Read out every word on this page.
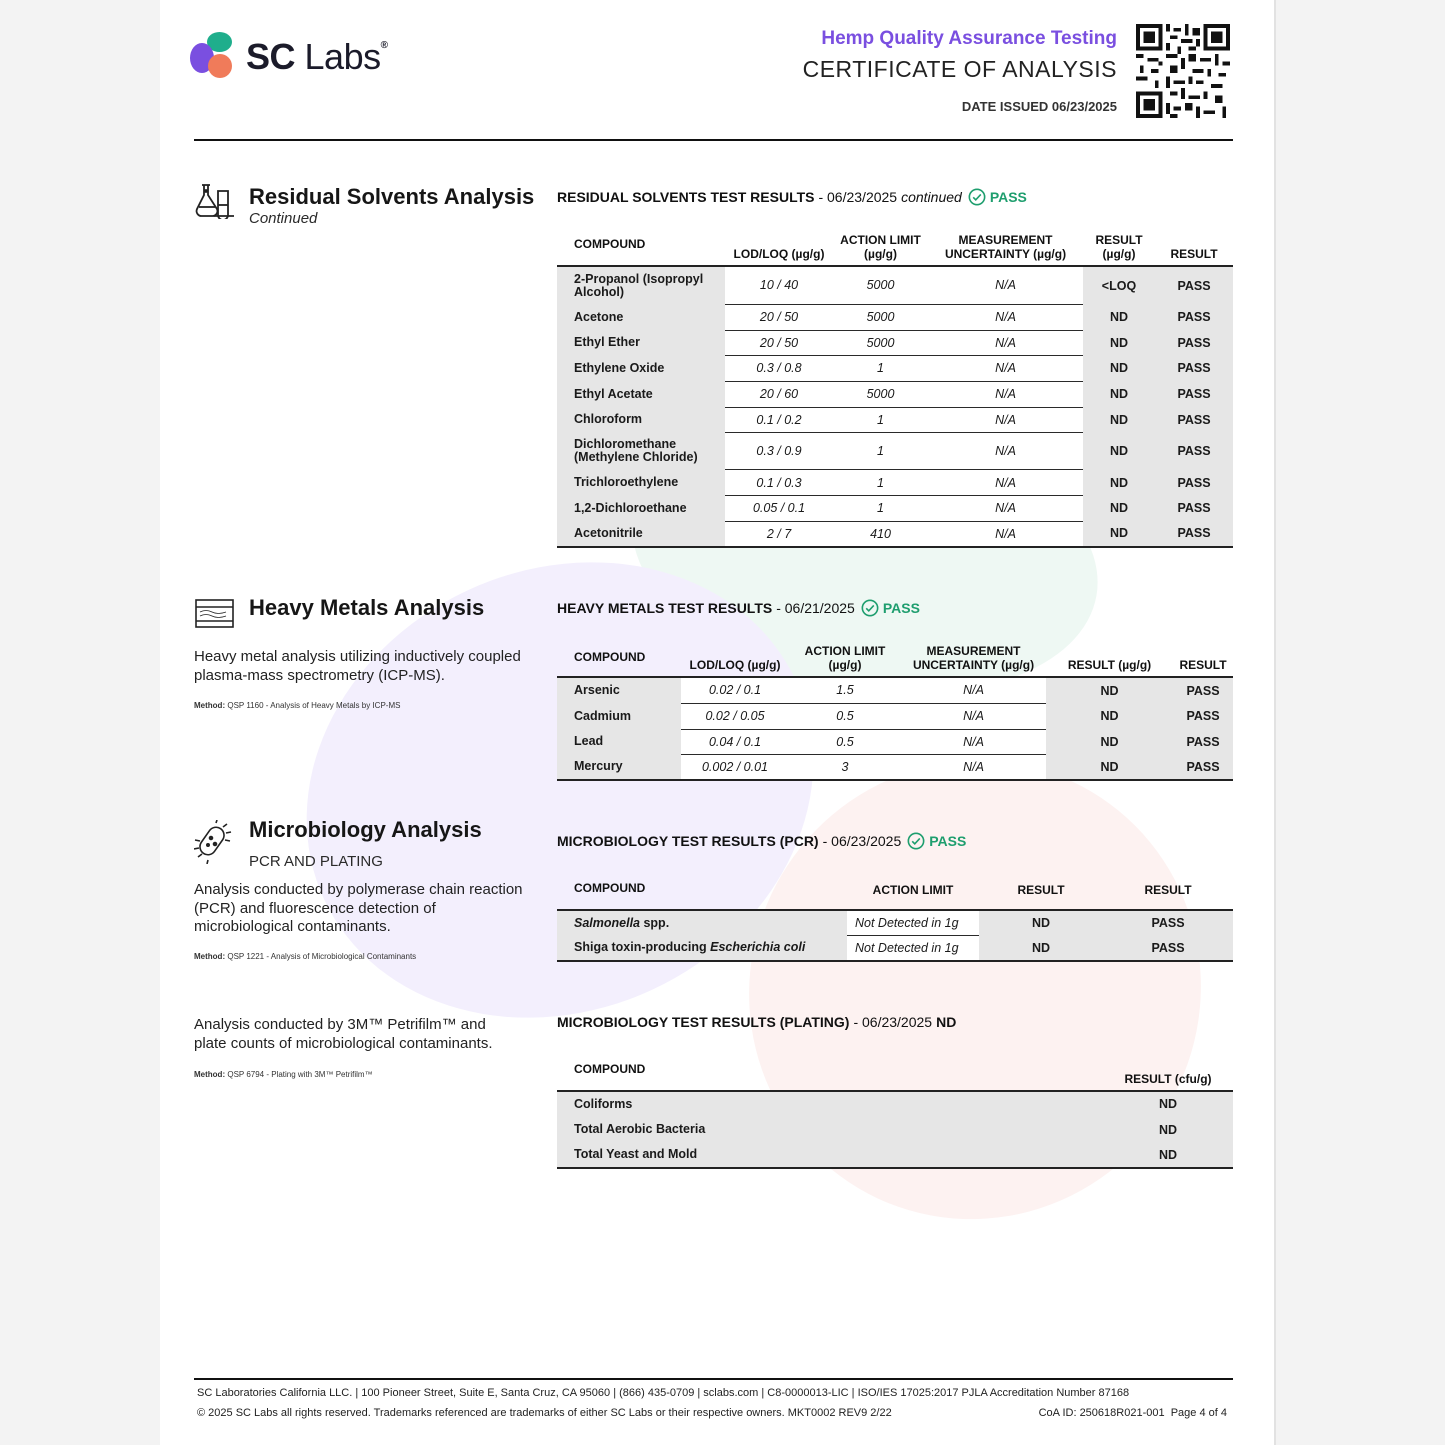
SC Labs®	Hemp Quality Assurance Testing
CERTIFICATE OF ANALYSIS
DATE ISSUED 06/23/2025
Residual Solvents Analysis
Continued
RESIDUAL SOLVENTS TEST RESULTS - 06/23/2025 continued PASS
COMPOUND	LOD/LOQ (µg/g)	ACTION LIMIT (µg/g)	MEASUREMENT UNCERTAINTY (µg/g)	RESULT (µg/g)	RESULT
2-Propanol (Isopropyl Alcohol)	10 / 40	5000	N/A	<LOQ	PASS
Acetone	20 / 50	5000	N/A	ND	PASS
Ethyl Ether	20 / 50	5000	N/A	ND	PASS
Ethylene Oxide	0.3 / 0.8	1	N/A	ND	PASS
Ethyl Acetate	20 / 60	5000	N/A	ND	PASS
Chloroform	0.1 / 0.2	1	N/A	ND	PASS
Dichloromethane (Methylene Chloride)	0.3 / 0.9	1	N/A	ND	PASS
Trichloroethylene	0.1 / 0.3	1	N/A	ND	PASS
1,2-Dichloroethane	0.05 / 0.1	1	N/A	ND	PASS
Acetonitrile	2 / 7	410	N/A	ND	PASS
Heavy Metals Analysis
Heavy metal analysis utilizing inductively coupled plasma-mass spectrometry (ICP-MS).
Method: QSP 1160 - Analysis of Heavy Metals by ICP-MS
HEAVY METALS TEST RESULTS - 06/21/2025 PASS
COMPOUND	LOD/LOQ (µg/g)	ACTION LIMIT (µg/g)	MEASUREMENT UNCERTAINTY (µg/g)	RESULT (µg/g)	RESULT
Arsenic	0.02 / 0.1	1.5	N/A	ND	PASS
Cadmium	0.02 / 0.05	0.5	N/A	ND	PASS
Lead	0.04 / 0.1	0.5	N/A	ND	PASS
Mercury	0.002 / 0.01	3	N/A	ND	PASS
Microbiology Analysis
PCR AND PLATING
Analysis conducted by polymerase chain reaction (PCR) and fluorescence detection of microbiological contaminants.
Method: QSP 1221 - Analysis of Microbiological Contaminants
MICROBIOLOGY TEST RESULTS (PCR) - 06/23/2025 PASS
COMPOUND	ACTION LIMIT	RESULT	RESULT
Salmonella spp.	Not Detected in 1g	ND	PASS
Shiga toxin-producing Escherichia coli	Not Detected in 1g	ND	PASS
Analysis conducted by 3M™ Petrifilm™ and plate counts of microbiological contaminants.
Method: QSP 6794 - Plating with 3M™ Petrifilm™
MICROBIOLOGY TEST RESULTS (PLATING) - 06/23/2025 ND
COMPOUND	RESULT (cfu/g)
Coliforms	ND
Total Aerobic Bacteria	ND
Total Yeast and Mold	ND
SC Laboratories California LLC. | 100 Pioneer Street, Suite E, Santa Cruz, CA 95060 | (866) 435-0709 | sclabs.com | C8-0000013-LIC | ISO/IES 17025:2017 PJLA Accreditation Number 87168
© 2025 SC Labs all rights reserved. Trademarks referenced are trademarks of either SC Labs or their respective owners. MKT0002 REV9 2/22	CoA ID: 250618R021-001 Page 4 of 4
